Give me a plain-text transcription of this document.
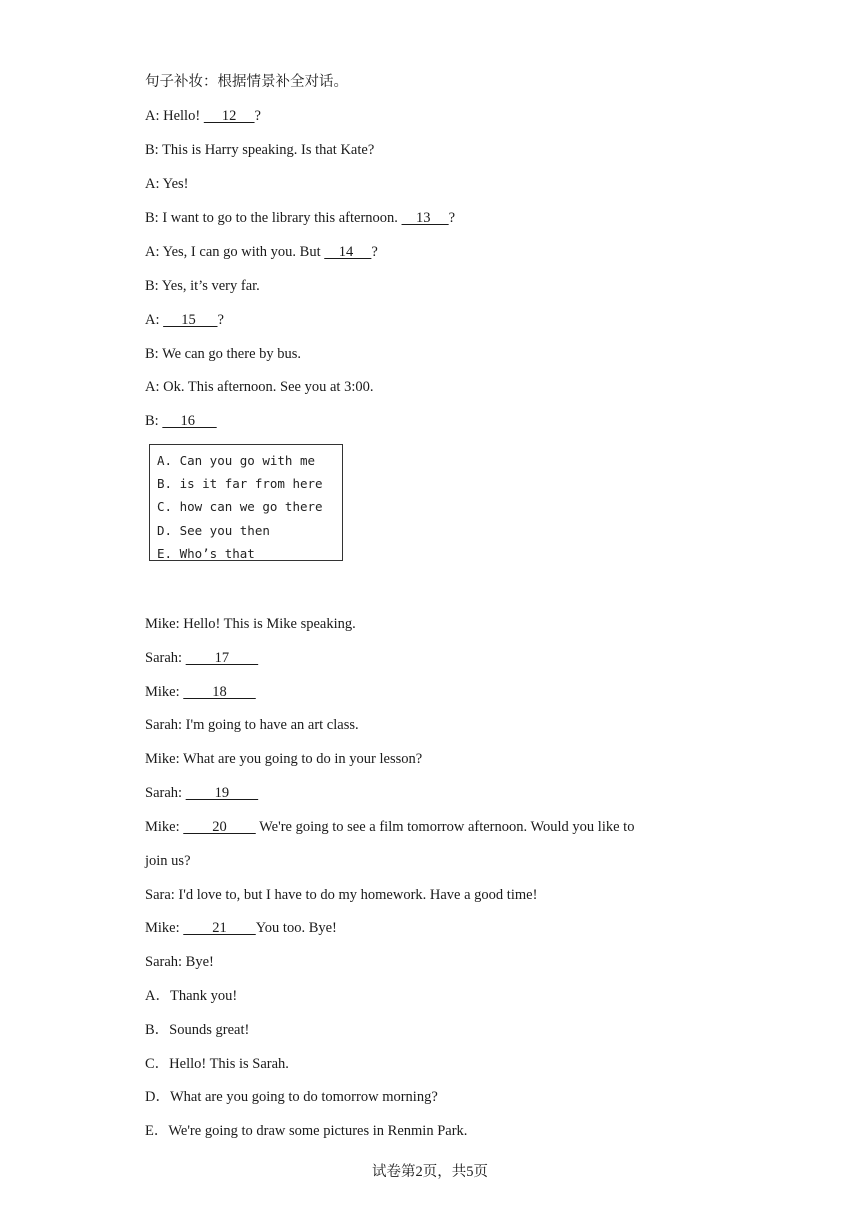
句子补妆：根据情景补全对话。
A: Hello!      12     ?
B: This is Harry speaking. Is that Kate?
A: Yes!
B: I want to go to the library this afternoon.     13     ?
A: Yes, I can go with you. But     14     ?
B: Yes, it’s very far.
A:      15      ?
B: We can go there by bus.
A: Ok. This afternoon. See you at 3:00.
B:      16
A. Can you go with me
B. is it far from here
C. how can we go there
D. See you then
E. Who’s that
Mike: Hello! This is Mike speaking.
Sarah:         17
Mike:         18
Sarah: I'm going to have an art class.
Mike: What are you going to do in your lesson?
Sarah:         19
Mike:         20         We're going to see a film tomorrow afternoon. Would you like to
join us?
Sara: I'd love to, but I have to do my homework. Have a good time!
Mike:         21        You too. Bye!
Sarah: Bye!
A．Thank you!
B．Sounds great!
C．Hello! This is Sarah.
D．What are you going to do tomorrow morning?
E．We're going to draw some pictures in Renmin Park.
试卷第2页，共5页
